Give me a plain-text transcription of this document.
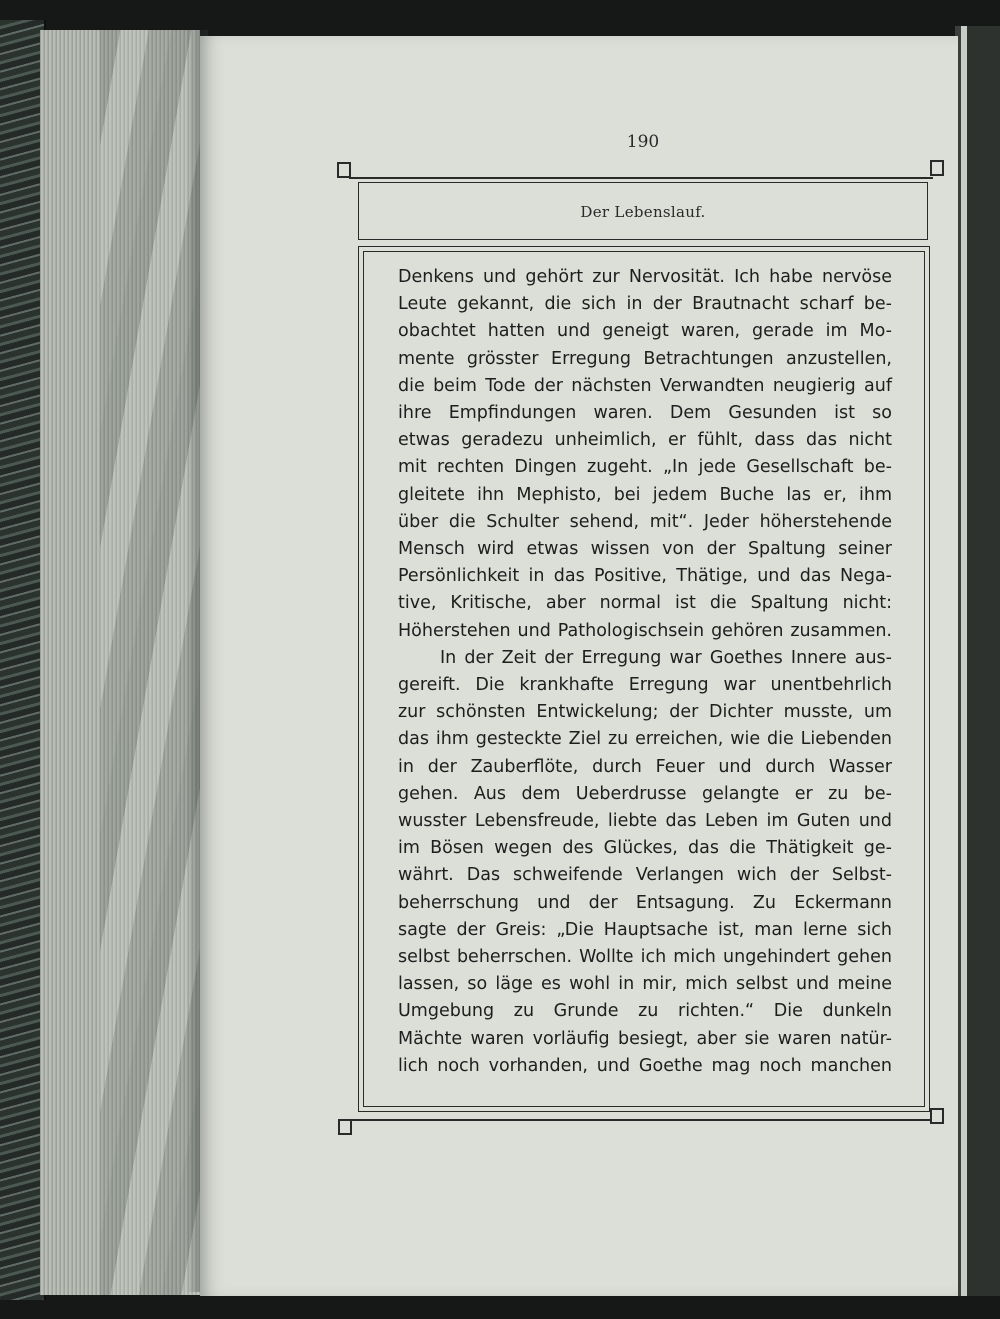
190
Der Lebenslauf.
Denkens und gehört zur Nervosität. Ich habe nervöse
Leute gekannt, die sich in der Brautnacht scharf be-
obachtet hatten und geneigt waren, gerade im Mo-
mente grösster Erregung Betrachtungen anzustellen,
die beim Tode der nächsten Verwandten neugierig auf
ihre Empfindungen waren. Dem Gesunden ist so
etwas geradezu unheimlich, er fühlt, dass das nicht
mit rechten Dingen zugeht. „In jede Gesellschaft be-
gleitete ihn Mephisto, bei jedem Buche las er, ihm
über die Schulter sehend, mit“. Jeder höherstehende
Mensch wird etwas wissen von der Spaltung seiner
Persönlichkeit in das Positive, Thätige, und das Nega-
tive, Kritische, aber normal ist die Spaltung nicht:
Höherstehen und Pathologischsein gehören zusammen.
In der Zeit der Erregung war Goethes Innere aus-
gereift. Die krankhafte Erregung war unentbehrlich
zur schönsten Entwickelung; der Dichter musste, um
das ihm gesteckte Ziel zu erreichen, wie die Liebenden
in der Zauberflöte, durch Feuer und durch Wasser
gehen. Aus dem Ueberdrusse gelangte er zu be-
wusster Lebensfreude, liebte das Leben im Guten und
im Bösen wegen des Glückes, das die Thätigkeit ge-
währt. Das schweifende Verlangen wich der Selbst-
beherrschung und der Entsagung. Zu Eckermann
sagte der Greis: „Die Hauptsache ist, man lerne sich
selbst beherrschen. Wollte ich mich ungehindert gehen
lassen, so läge es wohl in mir, mich selbst und meine
Umgebung zu Grunde zu richten.“ Die dunkeln
Mächte waren vorläufig besiegt, aber sie waren natür-
lich noch vorhanden, und Goethe mag noch manchen
